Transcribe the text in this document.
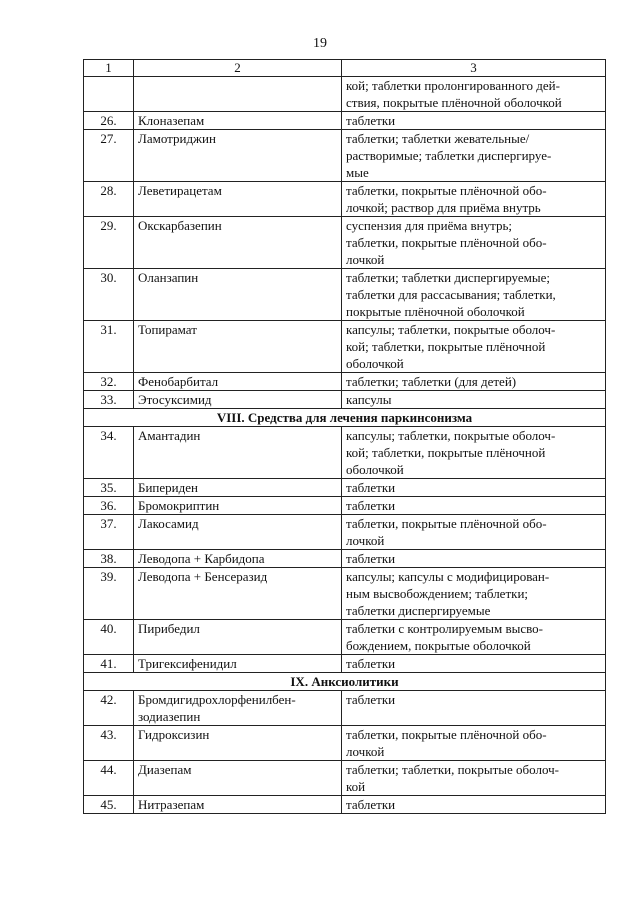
19
1	2	3
		кой; таблетки пролонгированного дей-
ствия, покрытые плёночной оболочкой
26.	Клоназепам	таблетки
27.	Ламотриджин	таблетки; таблетки жевательные/
растворимые; таблетки диспергируе-
мые
28.	Леветирацетам	таблетки, покрытые плёночной обо-
лочкой; раствор для приёма внутрь
29.	Окскарбазепин	суспензия для приёма внутрь;
таблетки, покрытые плёночной обо-
лочкой
30.	Оланзапин	таблетки; таблетки диспергируемые;
таблетки для рассасывания; таблетки,
покрытые плёночной оболочкой
31.	Топирамат	капсулы; таблетки, покрытые оболоч-
кой; таблетки, покрытые плёночной
оболочкой
32.	Фенобарбитал	таблетки; таблетки (для детей)
33.	Этосуксимид	капсулы
VIII. Средства для лечения паркинсонизма		
34.	Амантадин	капсулы; таблетки, покрытые оболоч-
кой; таблетки, покрытые плёночной
оболочкой
35.	Бипериден	таблетки
36.	Бромокриптин	таблетки
37.	Лакосамид	таблетки, покрытые плёночной обо-
лочкой
38.	Леводопа + Карбидопа	таблетки
39.	Леводопа + Бенсеразид	капсулы; капсулы с модифицирован-
ным высвобождением; таблетки;
таблетки диспергируемые
40.	Пирибедил	таблетки с контролируемым высво-
бождением, покрытые оболочкой
41.	Тригексифенидил	таблетки
IX. Анксиолитики		
42.	Бромдигидрохлорфенилбен-
зодиазепин	таблетки
43.	Гидроксизин	таблетки, покрытые плёночной обо-
лочкой
44.	Диазепам	таблетки; таблетки, покрытые оболоч-
кой
45.	Нитразепам	таблетки
